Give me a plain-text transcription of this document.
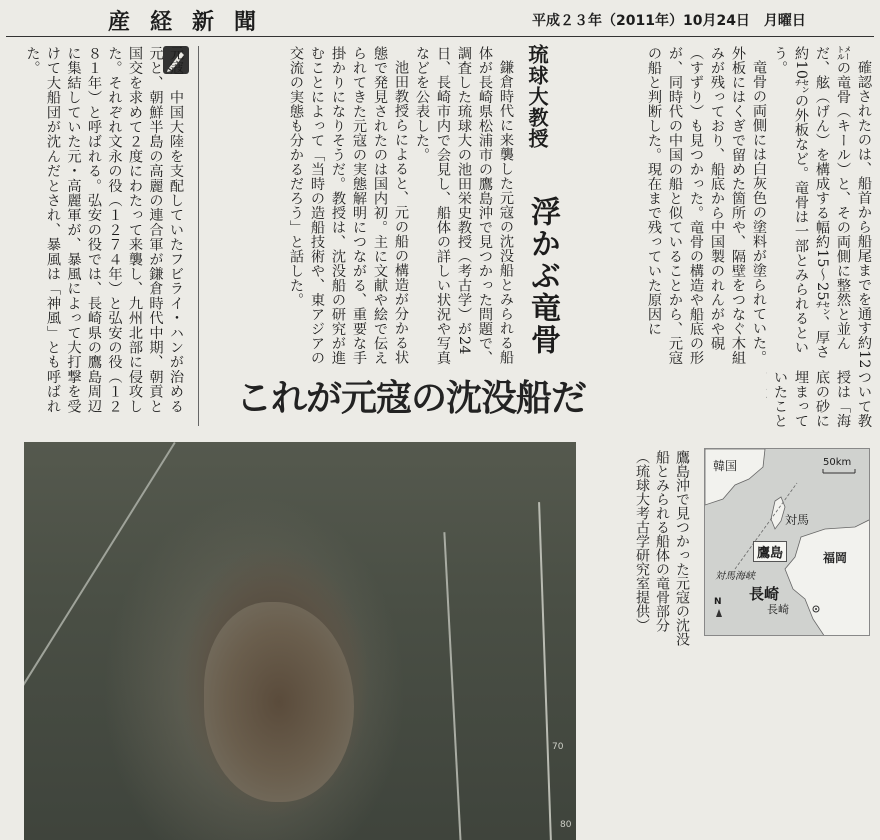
産経新聞	平成２３年（2011年）10月24日　月曜日
元寇　中国大陸を支配していたフビライ・ハンが治める元と、朝鮮半島の高麗の連合軍が鎌倉時代中期、朝貢と国交を求めて２度にわたって来襲し、九州北部に侵攻した。それぞれ文永の役（１２７４年）と弘安の役（１２８１年）と呼ばれる。弘安の役では、長崎県の鷹島周辺に集結していた元・高麗軍が、暴風によって大打撃を受けて大船団が沈んだとされ、暴風は「神風」とも呼ばれた。	鎌倉時代に来襲した元寇の沈没船とみられる船体が長崎県松浦市の鷹島沖で見つかった問題で、調査した琉球大の池田栄史教授（考古学）が24日、長崎市内で会見し、船体の詳しい状況や写真などを公表した。

池田教授らによると、元の船の構造が分かる状態で発見されたのは国内初。主に文献や絵で伝えられてきた元寇の実態解明につながる、重要な手掛かりになりそうだ。教授は、沈没船の研究が進むことによって「当時の造船技術や、東アジアの交流の実態も分かるだろう」と話した。	琉球大教授
浮かぶ竜骨	確認されたのは、船首から船尾までを通す約12㍍の竜骨（キール）と、その両側に整然と並んだ、舷（げん）を構成する幅約15〜25㌢、厚さ約10㌢の外板など。竜骨は一部とみられるという。

竜骨の両側には白灰色の塗料が塗られていた。外板にはくぎで留めた箇所や、隔壁をつなぐ木組みが残っており、船底から中国製のれんがや硯（すずり）も見つかった。竜骨の構造や船底の形が、同時代の中国の船と似ていることから、元寇の船と判断した。現在まで残っていた原因に

ついて教授は「海底の砂に埋まっていたこと
これが元寇の沈没船だ
70
80
鷹島沖で見つかった元寇の沈没船とみられる船体の竜骨部分（琉球大考古学研究室提供）	韓国	50km
対馬
鷹島	福岡
対馬海峡
長崎
長崎
N
